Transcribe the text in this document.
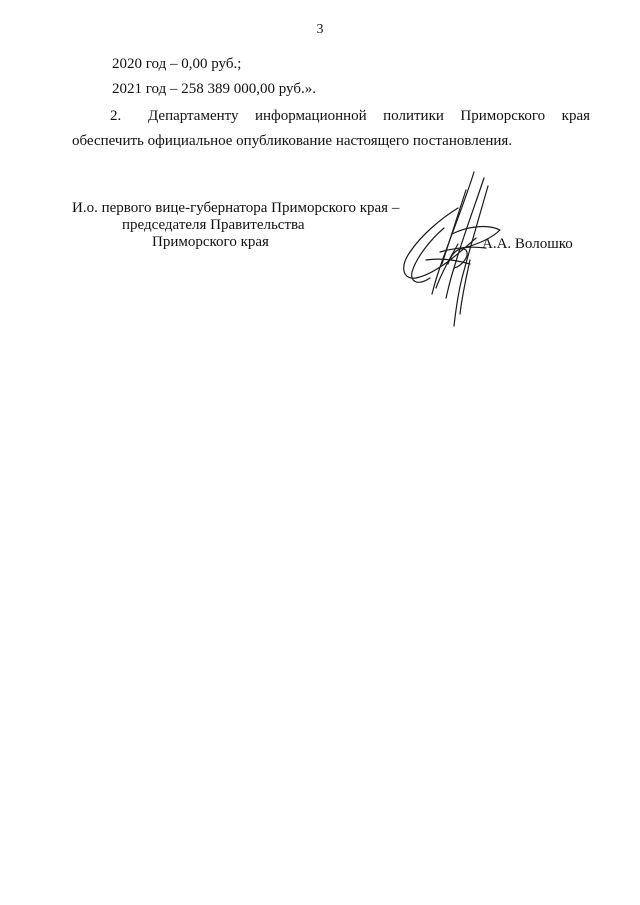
3
2020 год – 0,00 руб.;
2021 год – 258 389 000,00 руб.».
2. Департаменту информационной политики Приморского края
обеспечить официальное опубликование настоящего постановления.
И.о. первого вице-губернатора Приморского края –
председателя Правительства
Приморского края	А.А. Волошко
